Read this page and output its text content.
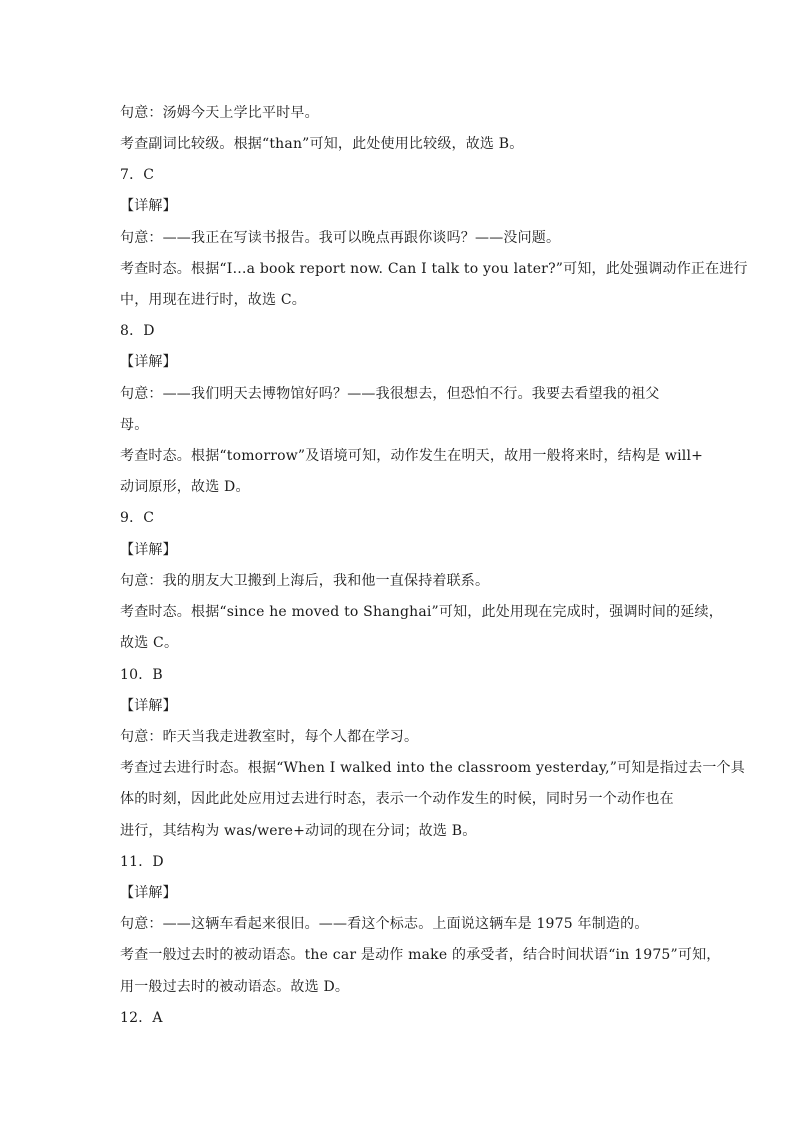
句意：汤姆今天上学比平时早。
考查副词比较级。根据“than”可知，此处使用比较级，故选 B。
7．C
【详解】
句意：——我正在写读书报告。我可以晚点再跟你谈吗？——没问题。
考查时态。根据“I…a book report now. Can I talk to you later?”可知，此处强调动作正在进行
中，用现在进行时，故选 C。
8．D
【详解】
句意：——我们明天去博物馆好吗？——我很想去，但恐怕不行。我要去看望我的祖父
母。
考查时态。根据“tomorrow”及语境可知，动作发生在明天，故用一般将来时，结构是 will+
动词原形，故选 D。
9．C
【详解】
句意：我的朋友大卫搬到上海后，我和他一直保持着联系。
考查时态。根据“since he moved to Shanghai”可知，此处用现在完成时，强调时间的延续，
故选 C。
10．B
【详解】
句意：昨天当我走进教室时，每个人都在学习。
考查过去进行时态。根据“When I walked into the classroom yesterday,”可知是指过去一个具
体的时刻，因此此处应用过去进行时态，表示一个动作发生的时候，同时另一个动作也在
进行，其结构为 was/were+动词的现在分词；故选 B。
11．D
【详解】
句意：——这辆车看起来很旧。——看这个标志。上面说这辆车是 1975 年制造的。
考查一般过去时的被动语态。the car 是动作 make 的承受者，结合时间状语“in 1975”可知，
用一般过去时的被动语态。故选 D。
12．A
